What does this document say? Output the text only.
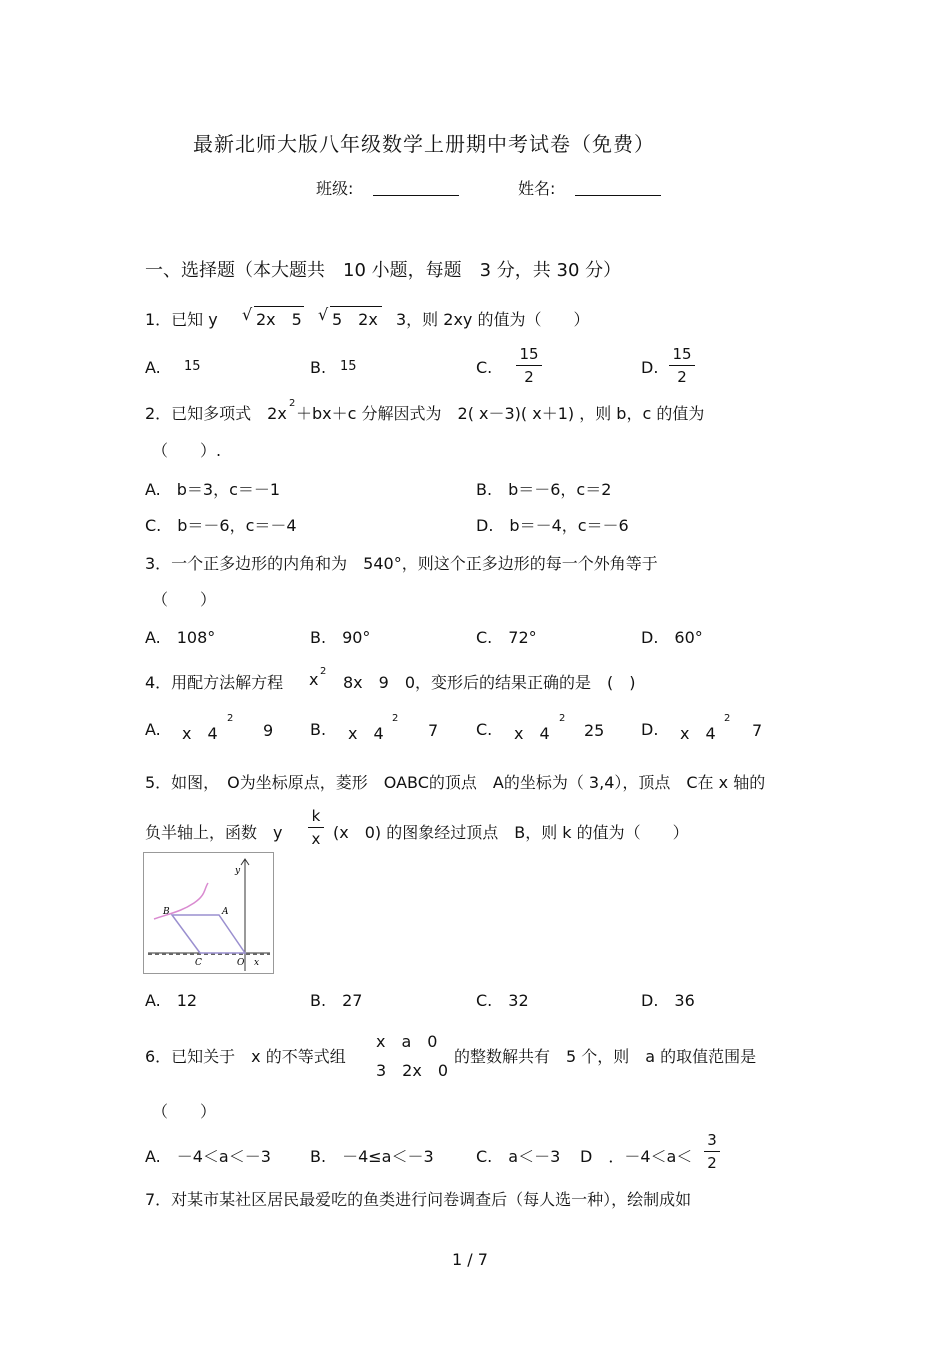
最新北师大版八年级数学上册期中考试卷（免费）
班级:	姓名:
一、选择题（本大题共　10 小题，每题　3 分，共 30 分）
1．已知 y √ 2x　5 √ 5　2x 3，则 2xy 的值为（　　）
A. 15	B. 15	C.
15
2	D.
15
2
2．已知多项式　2x
2
＋bx＋c 分解因式为　2( x－3)( x＋1) ，则 b，c 的值为
（　　）.
A.　b＝3，c＝－1	B.　b＝－6，c＝2
C.　b＝－6，c＝－4	D.　b＝－4，c＝－6
3．一个正多边形的内角和为　540°，则这个正多边形的每一个外角等于
（　　）
A.　108°	B.　90°	C.　72°	D.　60°
4．用配方法解方程 x 2
8x　9　0，变形后的结果正确的是　(　)
A. x　4
2
9 B. x　4
2
7 C. x　4
2
25 D. x　4
2
7
5．如图，　O为坐标原点，菱形　OABC的顶点　A的坐标为（ 3,4），顶点　C在 x 轴的
负半轴上，函数　y
k
x (x　0) 的图象经过顶点　B，则 k 的值为（　　）
y
B	A
C	O x
A.　12	B.　27	C.　32	D.　36
6．已知关于　x 的不等式组
x　a　0
3　2x　0
的整数解共有　5 个，则　a 的取值范围是
（　　）
A.　－4＜a＜－3 B.　－4≤a＜－3	C.　a＜－3 D　．－4＜a＜
3
2
7．对某市某社区居民最爱吃的鱼类进行问卷调查后（每人选一种），绘制成如
1 / 7
